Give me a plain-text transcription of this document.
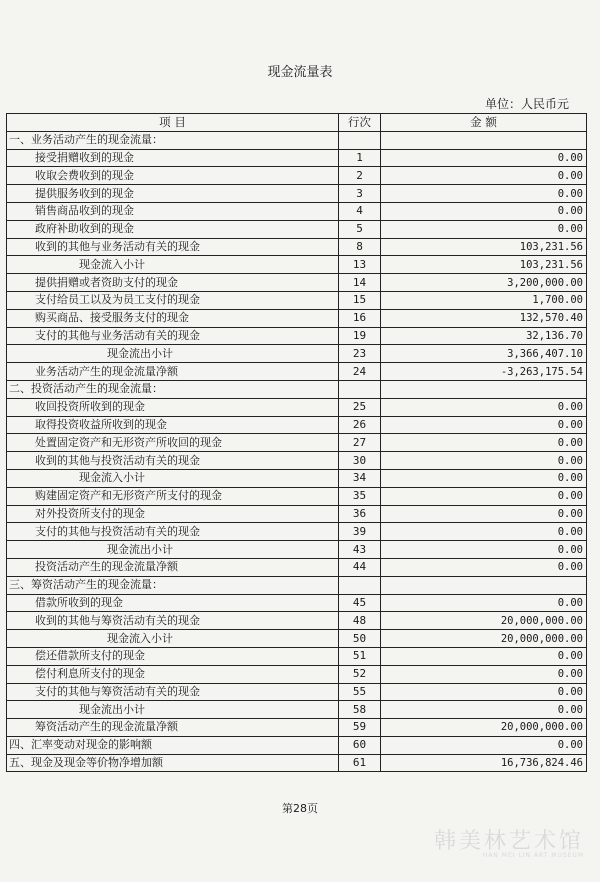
现金流量表
单位：人民币元
项 目	行次	金 额
一、业务活动产生的现金流量：		
接受捐赠收到的现金	1	0.00
收取会费收到的现金	2	0.00
提供服务收到的现金	3	0.00
销售商品收到的现金	4	0.00
政府补助收到的现金	5	0.00
收到的其他与业务活动有关的现金	8	103,231.56
现金流入小计	13	103,231.56
提供捐赠或者资助支付的现金	14	3,200,000.00
支付给员工以及为员工支付的现金	15	1,700.00
购买商品、接受服务支付的现金	16	132,570.40
支付的其他与业务活动有关的现金	19	32,136.70
现金流出小计	23	3,366,407.10
业务活动产生的现金流量净额	24	-3,263,175.54
二、投资活动产生的现金流量：		
收回投资所收到的现金	25	0.00
取得投资收益所收到的现金	26	0.00
处置固定资产和无形资产所收回的现金	27	0.00
收到的其他与投资活动有关的现金	30	0.00
现金流入小计	34	0.00
购建固定资产和无形资产所支付的现金	35	0.00
对外投资所支付的现金	36	0.00
支付的其他与投资活动有关的现金	39	0.00
现金流出小计	43	0.00
投资活动产生的现金流量净额	44	0.00
三、筹资活动产生的现金流量：		
借款所收到的现金	45	0.00
收到的其他与筹资活动有关的现金	48	20,000,000.00
现金流入小计	50	20,000,000.00
偿还借款所支付的现金	51	0.00
偿付利息所支付的现金	52	0.00
支付的其他与筹资活动有关的现金	55	0.00
现金流出小计	58	0.00
筹资活动产生的现金流量净额	59	20,000,000.00
四、汇率变动对现金的影响额	60	0.00
五、现金及现金等价物净增加额	61	16,736,824.46
第28页
韩美林艺术馆
HAN MEI LIN ART MUSEUM
